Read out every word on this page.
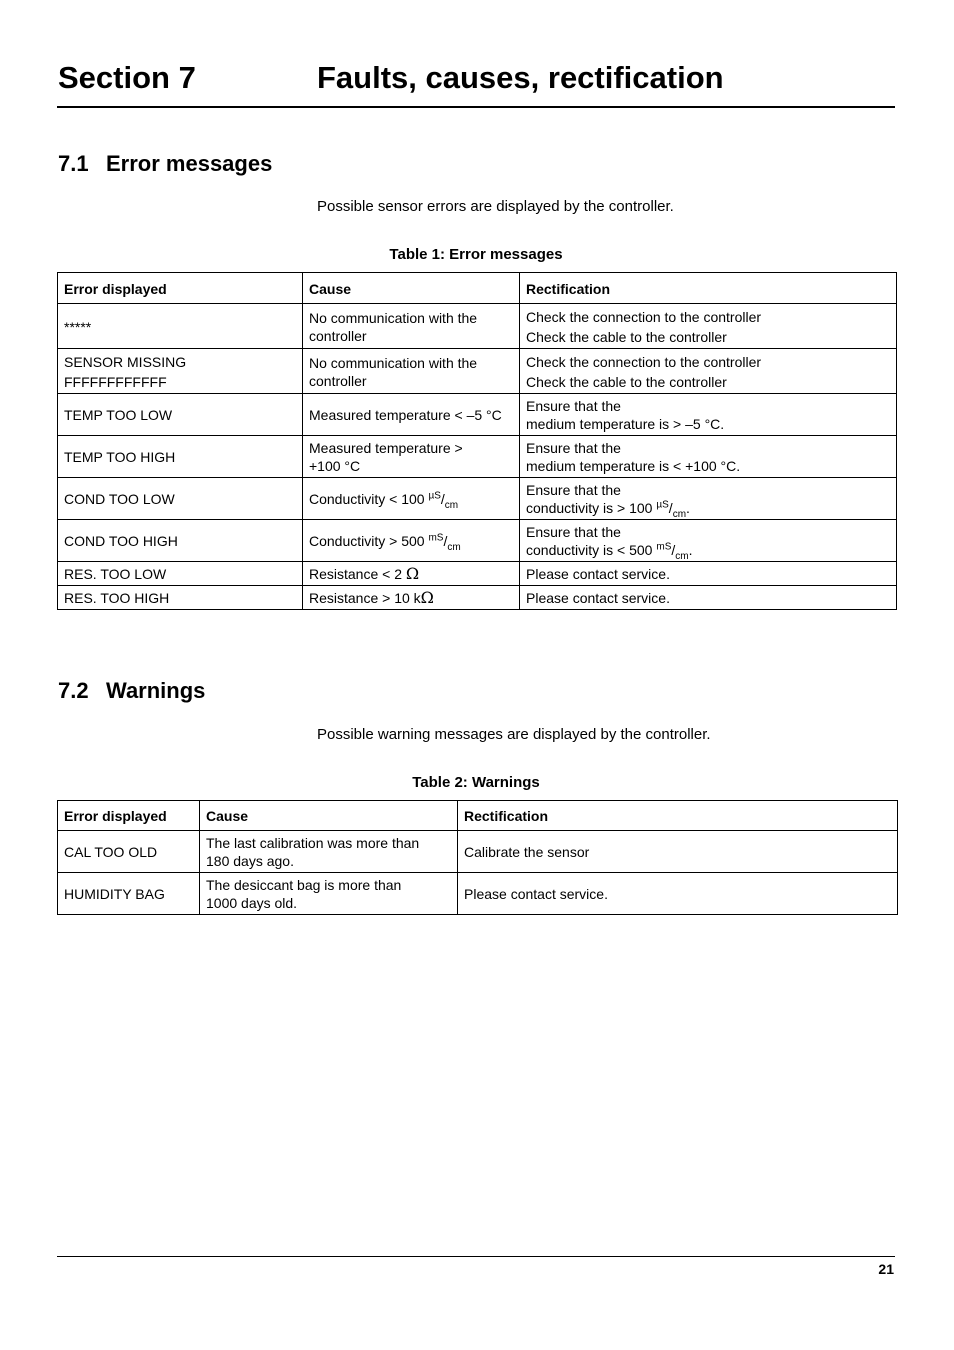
Section 7	Faults, causes, rectification
7.1 Error messages
Possible sensor errors are displayed by the controller.
Table 1: Error messages
Error displayed	Cause	Rectification

*****	No communication with the
controller	Check the connection to the controller
Check the cable to the controller

SENSOR MISSING
FFFFFFFFFFFF	No communication with the
controller	Check the connection to the controller
Check the cable to the controller

TEMP TOO LOW	Measured temperature < –5 °C	Ensure that the
medium temperature is > –5 °C.

TEMP TOO HIGH	Measured temperature >
+100 °C	Ensure that the
medium temperature is < +100 °C.

COND TOO LOW	Conductivity < 100 $^{\mu S}/_{cm}$	Ensure that the
conductivity is > 100 $^{\mu S}/_{cm}$.

COND TOO HIGH	Conductivity > 500 $^{mS}/_{cm}$	Ensure that the
conductivity is < 500 $^{mS}/_{cm}$.

RES. TOO LOW	Resistance < 2 Ω	Please contact service.
RES. TOO HIGH	Resistance > 10 kΩ	Please contact service.
7.2 Warnings
Possible warning messages are displayed by the controller.
Table 2: Warnings
Error displayed	Cause	Rectification
CAL TOO OLD	The last calibration was more than
180 days ago.	Calibrate the sensor
HUMIDITY BAG	The desiccant bag is more than
1000 days old.	Please contact service.
21
